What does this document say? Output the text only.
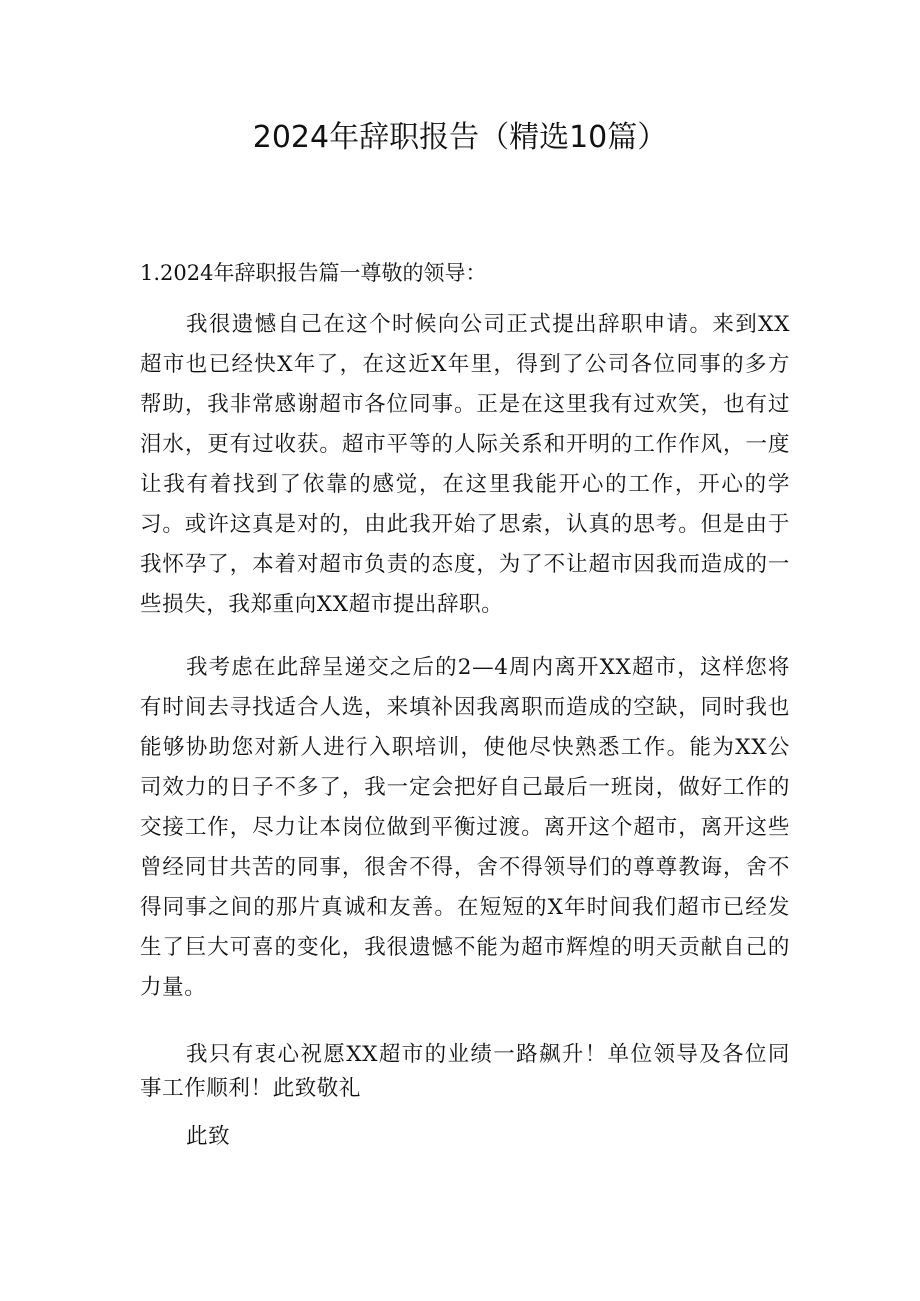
2024年辞职报告（精选10篇）

1.2024年辞职报告篇一尊敬的领导：

我很遗憾自己在这个时候向公司正式提出辞职申请。来到XX超市也已经快X年了，在这近X年里，得到了公司各位同事的多方帮助，我非常感谢超市各位同事。正是在这里我有过欢笑，也有过泪水，更有过收获。超市平等的人际关系和开明的工作作风，一度让我有着找到了依靠的感觉，在这里我能开心的工作，开心的学习。或许这真是对的，由此我开始了思索，认真的思考。但是由于我怀孕了，本着对超市负责的态度，为了不让超市因我而造成的一些损失，我郑重向XX超市提出辞职。

我考虑在此辞呈递交之后的2—4周内离开XX超市，这样您将有时间去寻找适合人选，来填补因我离职而造成的空缺，同时我也能够协助您对新人进行入职培训，使他尽快熟悉工作。能为XX公司效力的日子不多了，我一定会把好自己最后一班岗，做好工作的交接工作，尽力让本岗位做到平衡过渡。离开这个超市，离开这些曾经同甘共苦的同事，很舍不得，舍不得领导们的尊尊教诲，舍不得同事之间的那片真诚和友善。在短短的X年时间我们超市已经发生了巨大可喜的变化，我很遗憾不能为超市辉煌的明天贡献自己的力量。

我只有衷心祝愿XX超市的业绩一路飙升！单位领导及各位同事工作顺利！此致敬礼

此致
